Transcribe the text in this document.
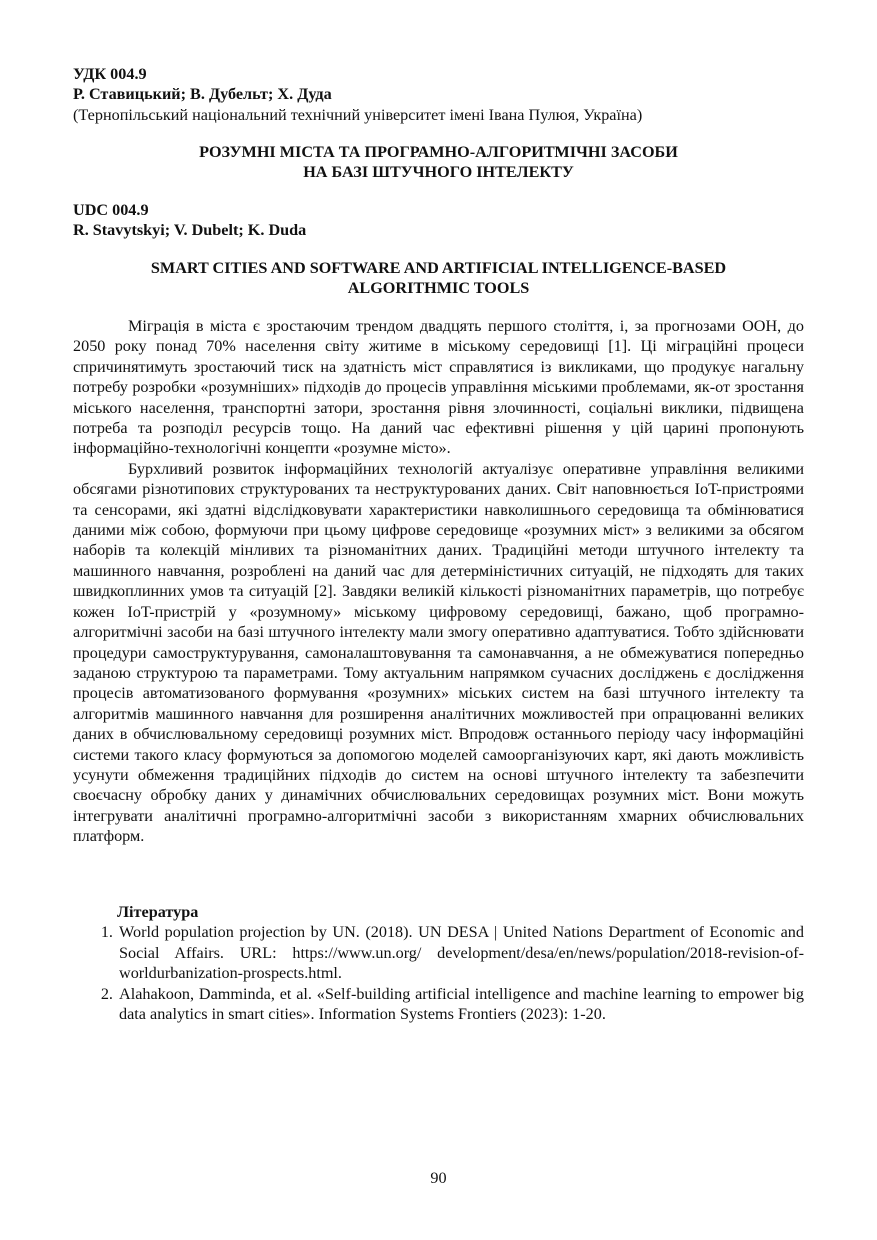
УДК 004.9
Р. Ставицький; В. Дубельт; Х. Дуда
(Тернопільський національний технічний університет імені Івана Пулюя, Україна)
РОЗУМНІ МІСТА ТА ПРОГРАМНО-АЛГОРИТМІЧНІ ЗАСОБИ
НА БАЗІ ШТУЧНОГО ІНТЕЛЕКТУ
UDC 004.9
R. Stavytskyi; V. Dubelt; K. Duda
SMART CITIES AND SOFTWARE AND ARTIFICIAL INTELLIGENCE-BASED
ALGORITHMIC TOOLS

Міграція в міста є зростаючим трендом двадцять першого століття, і, за прогнозами ООН, до 2050 року понад 70% населення світу житиме в міському середовищі [1]. Ці міграційні процеси спричинятимуть зростаючий тиск на здатність міст справлятися із викликами, що продукує нагальну потребу розробки «розумніших» підходів до процесів управління міськими проблемами, як-от зростання міського населення, транспортні затори, зростання рівня злочинності, соціальні виклики, підвищена потреба та розподіл ресурсів тощо. На даний час ефективні рішення у цій царині пропонують інформаційно-технологічні концепти «розумне місто».

Бурхливий розвиток інформаційних технологій актуалізує оперативне управління великими обсягами різнотипових структурованих та неструктурованих даних. Світ наповнюється IoT-пристроями та сенсорами, які здатні відслідковувати характеристики навколишнього середовища та обмінюватися даними між собою, формуючи при цьому цифрове середовище «розумних міст» з великими за обсягом наборів та колекцій мінливих та різноманітних даних. Традиційні методи штучного інтелекту та машинного навчання, розроблені на даний час для детерміністичних ситуацій, не підходять для таких швидкоплинних умов та ситуацій [2]. Завдяки великій кількості різноманітних параметрів, що потребує кожен IoT-пристрій у «розумному» міському цифровому середовищі, бажано, щоб програмно-алгоритмічні засоби на базі штучного інтелекту мали змогу оперативно адаптуватися. Тобто здійснювати процедури самоструктурування, самоналаштовування та самонавчання, а не обмежуватися попередньо заданою структурою та параметрами. Тому актуальним напрямком сучасних досліджень є дослідження процесів автоматизованого формування «розумних» міських систем на базі штучного інтелекту та алгоритмів машинного навчання для розширення аналітичних можливостей при опрацюванні великих даних в обчислювальному середовищі розумних міст. Впродовж останнього періоду часу інформаційні системи такого класу формуються за допомогою моделей самоорганізуючих карт, які дають можливість усунути обмеження традиційних підходів до систем на основі штучного інтелекту та забезпечити своєчасну обробку даних у динамічних обчислювальних середовищах розумних міст. Вони можуть інтегрувати аналітичні програмно-алгоритмічні засоби з використанням хмарних обчислювальних платформ.

Література
1. World population projection by UN. (2018). UN DESA | United Nations Department of Economic and Social Affairs. URL: https://www.un.org/ development/desa/en/news/population/2018-revision-of-worldurbanization-prospects.html.
2. Alahakoon, Damminda, et al. «Self-building artificial intelligence and machine learning to empower big data analytics in smart cities». Information Systems Frontiers (2023): 1-20.
90
